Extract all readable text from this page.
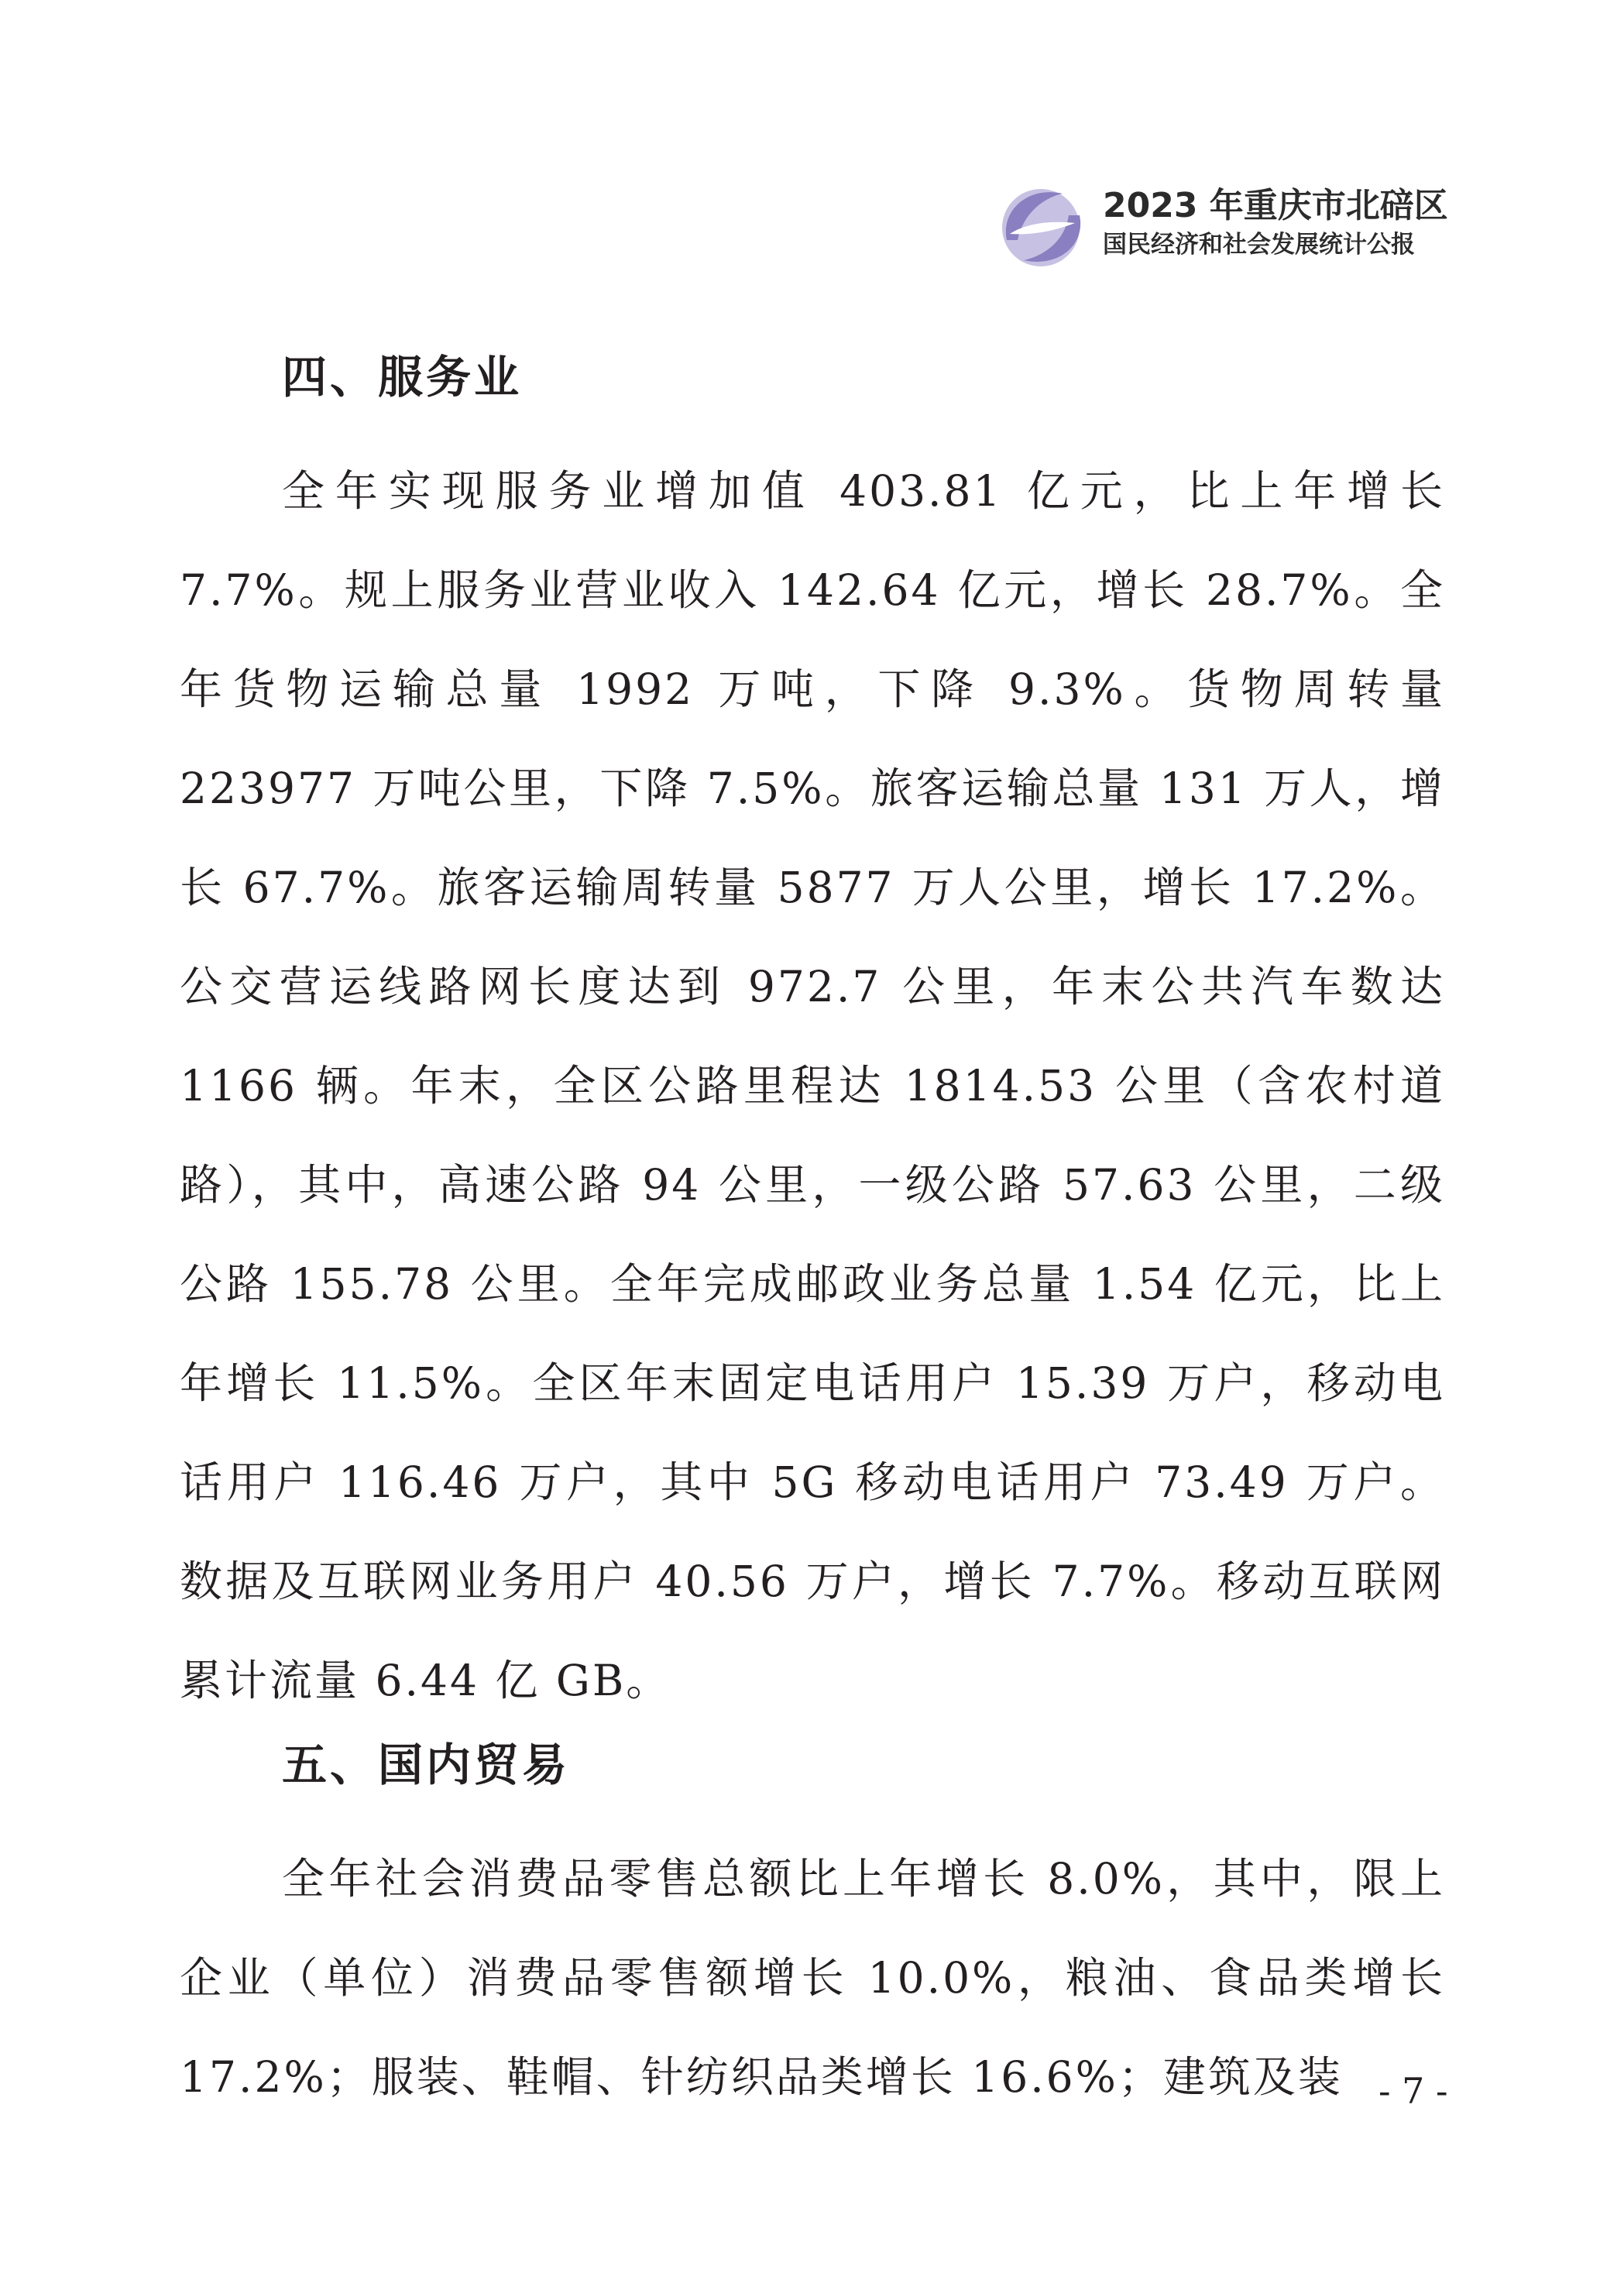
2023 年重庆市北碚区
国民经济和社会发展统计公报
四、服务业

全年实现服务业增加值 403.81 亿元，比上年增长 7.7%。规上服务业营业收入 142.64 亿元，增长 28.7%。全年货物运输总量 1992 万吨，下降 9.3%。货物周转量 223977 万吨公里，下降 7.5%。旅客运输总量 131 万人，增长 67.7%。旅客运输周转量 5877 万人公里，增长 17.2%。公交营运线路网长度达到 972.7 公里，年末公共汽车数达 1166 辆。年末，全区公路里程达 1814.53 公里（含农村道路），其中，高速公路 94 公里，一级公路 57.63 公里，二级公路 155.78 公里。全年完成邮政业务总量 1.54 亿元，比上年增长 11.5%。全区年末固定电话用户 15.39 万户，移动电话用户 116.46 万户，其中 5G 移动电话用户 73.49 万户。数据及互联网业务用户 40.56 万户，增长 7.7%。移动互联网累计流量 6.44 亿 GB。

五、国内贸易

全年社会消费品零售总额比上年增长 8.0%，其中，限上企业（单位）消费品零售额增长 10.0%，粮油、食品类增长 17.2%；服装、鞋帽、针纺织品类增长 16.6%；建筑及装	- 7 -
